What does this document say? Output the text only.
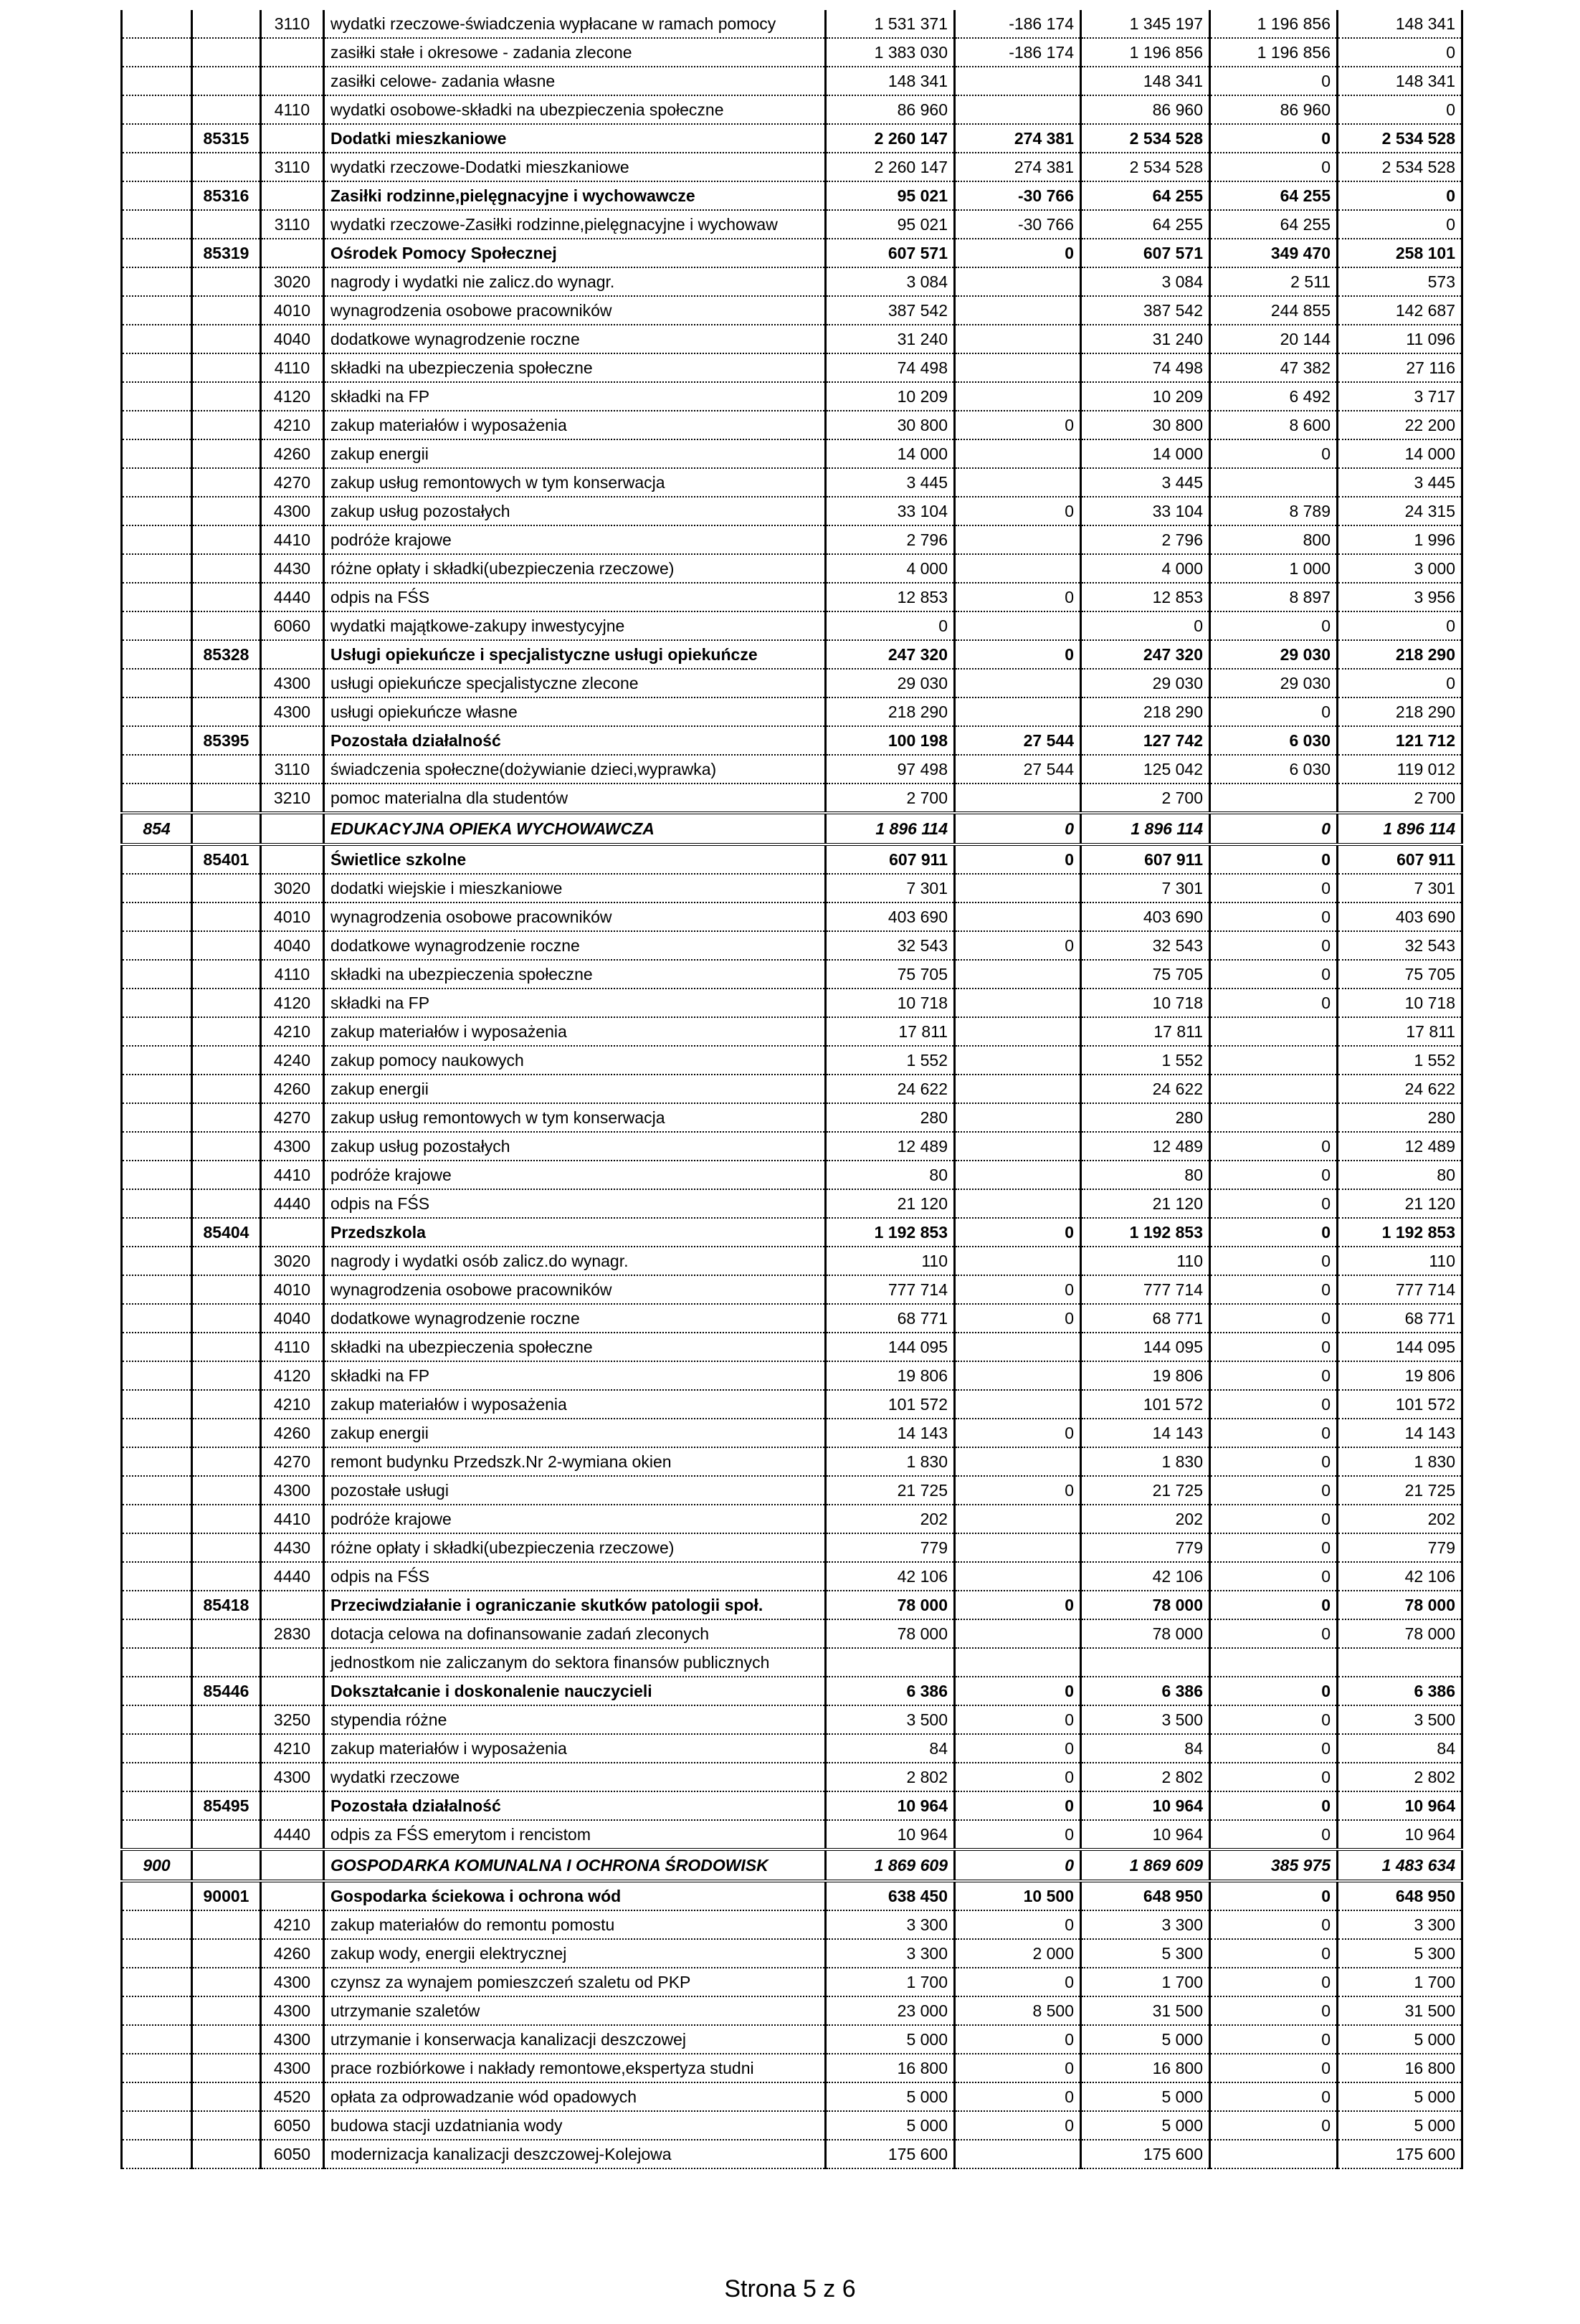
		3110	wydatki rzeczowe-świadczenia wypłacane w ramach pomocy	1 531 371	-186 174	1 345 197	1 196 856	148 341
			zasiłki stałe i okresowe - zadania zlecone	1 383 030	-186 174	1 196 856	1 196 856	0
			zasiłki celowe- zadania własne	148 341		148 341	0	148 341
		4110	wydatki osobowe-składki na ubezpieczenia społeczne	86 960		86 960	86 960	0
	85315		Dodatki mieszkaniowe	2 260 147	274 381	2 534 528	0	2 534 528
		3110	wydatki rzeczowe-Dodatki mieszkaniowe	2 260 147	274 381	2 534 528	0	2 534 528
	85316		Zasiłki rodzinne,pielęgnacyjne i wychowawcze	95 021	-30 766	64 255	64 255	0
		3110	wydatki rzeczowe-Zasiłki rodzinne,pielęgnacyjne i wychowaw	95 021	-30 766	64 255	64 255	0
	85319		Ośrodek Pomocy Społecznej	607 571	0	607 571	349 470	258 101
		3020	nagrody i wydatki nie zalicz.do wynagr.	3 084		3 084	2 511	573
		4010	wynagrodzenia osobowe pracowników	387 542		387 542	244 855	142 687
		4040	dodatkowe wynagrodzenie roczne	31 240		31 240	20 144	11 096
		4110	składki na ubezpieczenia społeczne	74 498		74 498	47 382	27 116
		4120	składki na FP	10 209		10 209	6 492	3 717
		4210	zakup materiałów i wyposażenia	30 800	0	30 800	8 600	22 200
		4260	zakup energii	14 000		14 000	0	14 000
		4270	zakup usług remontowych w tym konserwacja	3 445		3 445		3 445
		4300	zakup usług pozostałych	33 104	0	33 104	8 789	24 315
		4410	podróże krajowe	2 796		2 796	800	1 996
		4430	różne opłaty i składki(ubezpieczenia rzeczowe)	4 000		4 000	1 000	3 000
		4440	odpis na FŚS	12 853	0	12 853	8 897	3 956
		6060	wydatki majątkowe-zakupy inwestycyjne	0		0	0	0
	85328		Usługi opiekuńcze i specjalistyczne usługi opiekuńcze	247 320	0	247 320	29 030	218 290
		4300	usługi opiekuńcze specjalistyczne zlecone	29 030		29 030	29 030	0
		4300	usługi opiekuńcze własne	218 290		218 290	0	218 290
	85395		Pozostała działalność	100 198	27 544	127 742	6 030	121 712
		3110	świadczenia społeczne(dożywianie dzieci,wyprawka)	97 498	27 544	125 042	6 030	119 012
		3210	pomoc materialna dla studentów	2 700		2 700		2 700
854			EDUKACYJNA OPIEKA WYCHOWAWCZA	1 896 114	0	1 896 114	0	1 896 114
	85401		Świetlice szkolne	607 911	0	607 911	0	607 911
		3020	dodatki wiejskie i mieszkaniowe	7 301		7 301	0	7 301
		4010	wynagrodzenia osobowe pracowników	403 690		403 690	0	403 690
		4040	dodatkowe wynagrodzenie roczne	32 543	0	32 543	0	32 543
		4110	składki na ubezpieczenia społeczne	75 705		75 705	0	75 705
		4120	składki na FP	10 718		10 718	0	10 718
		4210	zakup materiałów i wyposażenia	17 811		17 811		17 811
		4240	zakup pomocy naukowych	1 552		1 552		1 552
		4260	zakup energii	24 622		24 622		24 622
		4270	zakup usług remontowych w tym konserwacja	280		280		280
		4300	zakup usług pozostałych	12 489		12 489	0	12 489
		4410	podróże krajowe	80		80	0	80
		4440	odpis na FŚS	21 120		21 120	0	21 120
	85404		Przedszkola	1 192 853	0	1 192 853	0	1 192 853
		3020	nagrody i wydatki osób zalicz.do wynagr.	110		110	0	110
		4010	wynagrodzenia osobowe pracowników	777 714	0	777 714	0	777 714
		4040	dodatkowe wynagrodzenie roczne	68 771	0	68 771	0	68 771
		4110	składki na ubezpieczenia społeczne	144 095		144 095	0	144 095
		4120	składki na FP	19 806		19 806	0	19 806
		4210	zakup materiałów i wyposażenia	101 572		101 572	0	101 572
		4260	zakup energii	14 143	0	14 143	0	14 143
		4270	remont budynku Przedszk.Nr 2-wymiana okien	1 830		1 830	0	1 830
		4300	pozostałe usługi	21 725	0	21 725	0	21 725
		4410	podróże krajowe	202		202	0	202
		4430	różne opłaty i składki(ubezpieczenia rzeczowe)	779		779	0	779
		4440	odpis na FŚS	42 106		42 106	0	42 106
	85418		Przeciwdziałanie i ograniczanie skutków patologii społ.	78 000	0	78 000	0	78 000
		2830	dotacja celowa na dofinansowanie zadań zleconych	78 000		78 000	0	78 000
			jednostkom nie zaliczanym do sektora finansów publicznych					
	85446		Dokształcanie i doskonalenie nauczycieli	6 386	0	6 386	0	6 386
		3250	stypendia różne	3 500	0	3 500	0	3 500
		4210	zakup materiałów i wyposażenia	84	0	84	0	84
		4300	wydatki rzeczowe	2 802	0	2 802	0	2 802
	85495		Pozostała działalność	10 964	0	10 964	0	10 964
		4440	odpis za FŚS emerytom i rencistom	10 964	0	10 964	0	10 964
900			GOSPODARKA KOMUNALNA I OCHRONA ŚRODOWISK	1 869 609	0	1 869 609	385 975	1 483 634
	90001		Gospodarka ściekowa i ochrona wód	638 450	10 500	648 950	0	648 950
		4210	zakup materiałów do remontu pomostu	3 300	0	3 300	0	3 300
		4260	zakup wody, energii elektrycznej	3 300	2 000	5 300	0	5 300
		4300	czynsz za wynajem pomieszczeń szaletu od PKP	1 700	0	1 700	0	1 700
		4300	utrzymanie szaletów	23 000	8 500	31 500	0	31 500
		4300	utrzymanie i konserwacja kanalizacji deszczowej	5 000	0	5 000	0	5 000
		4300	prace rozbiórkowe i nakłady remontowe,ekspertyza studni	16 800	0	16 800	0	16 800
		4520	opłata za odprowadzanie wód opadowych	5 000	0	5 000	0	5 000
		6050	budowa stacji uzdatniania wody	5 000	0	5 000	0	5 000
		6050	modernizacja kanalizacji deszczowej-Kolejowa	175 600		175 600		175 600
Strona 5 z 6
